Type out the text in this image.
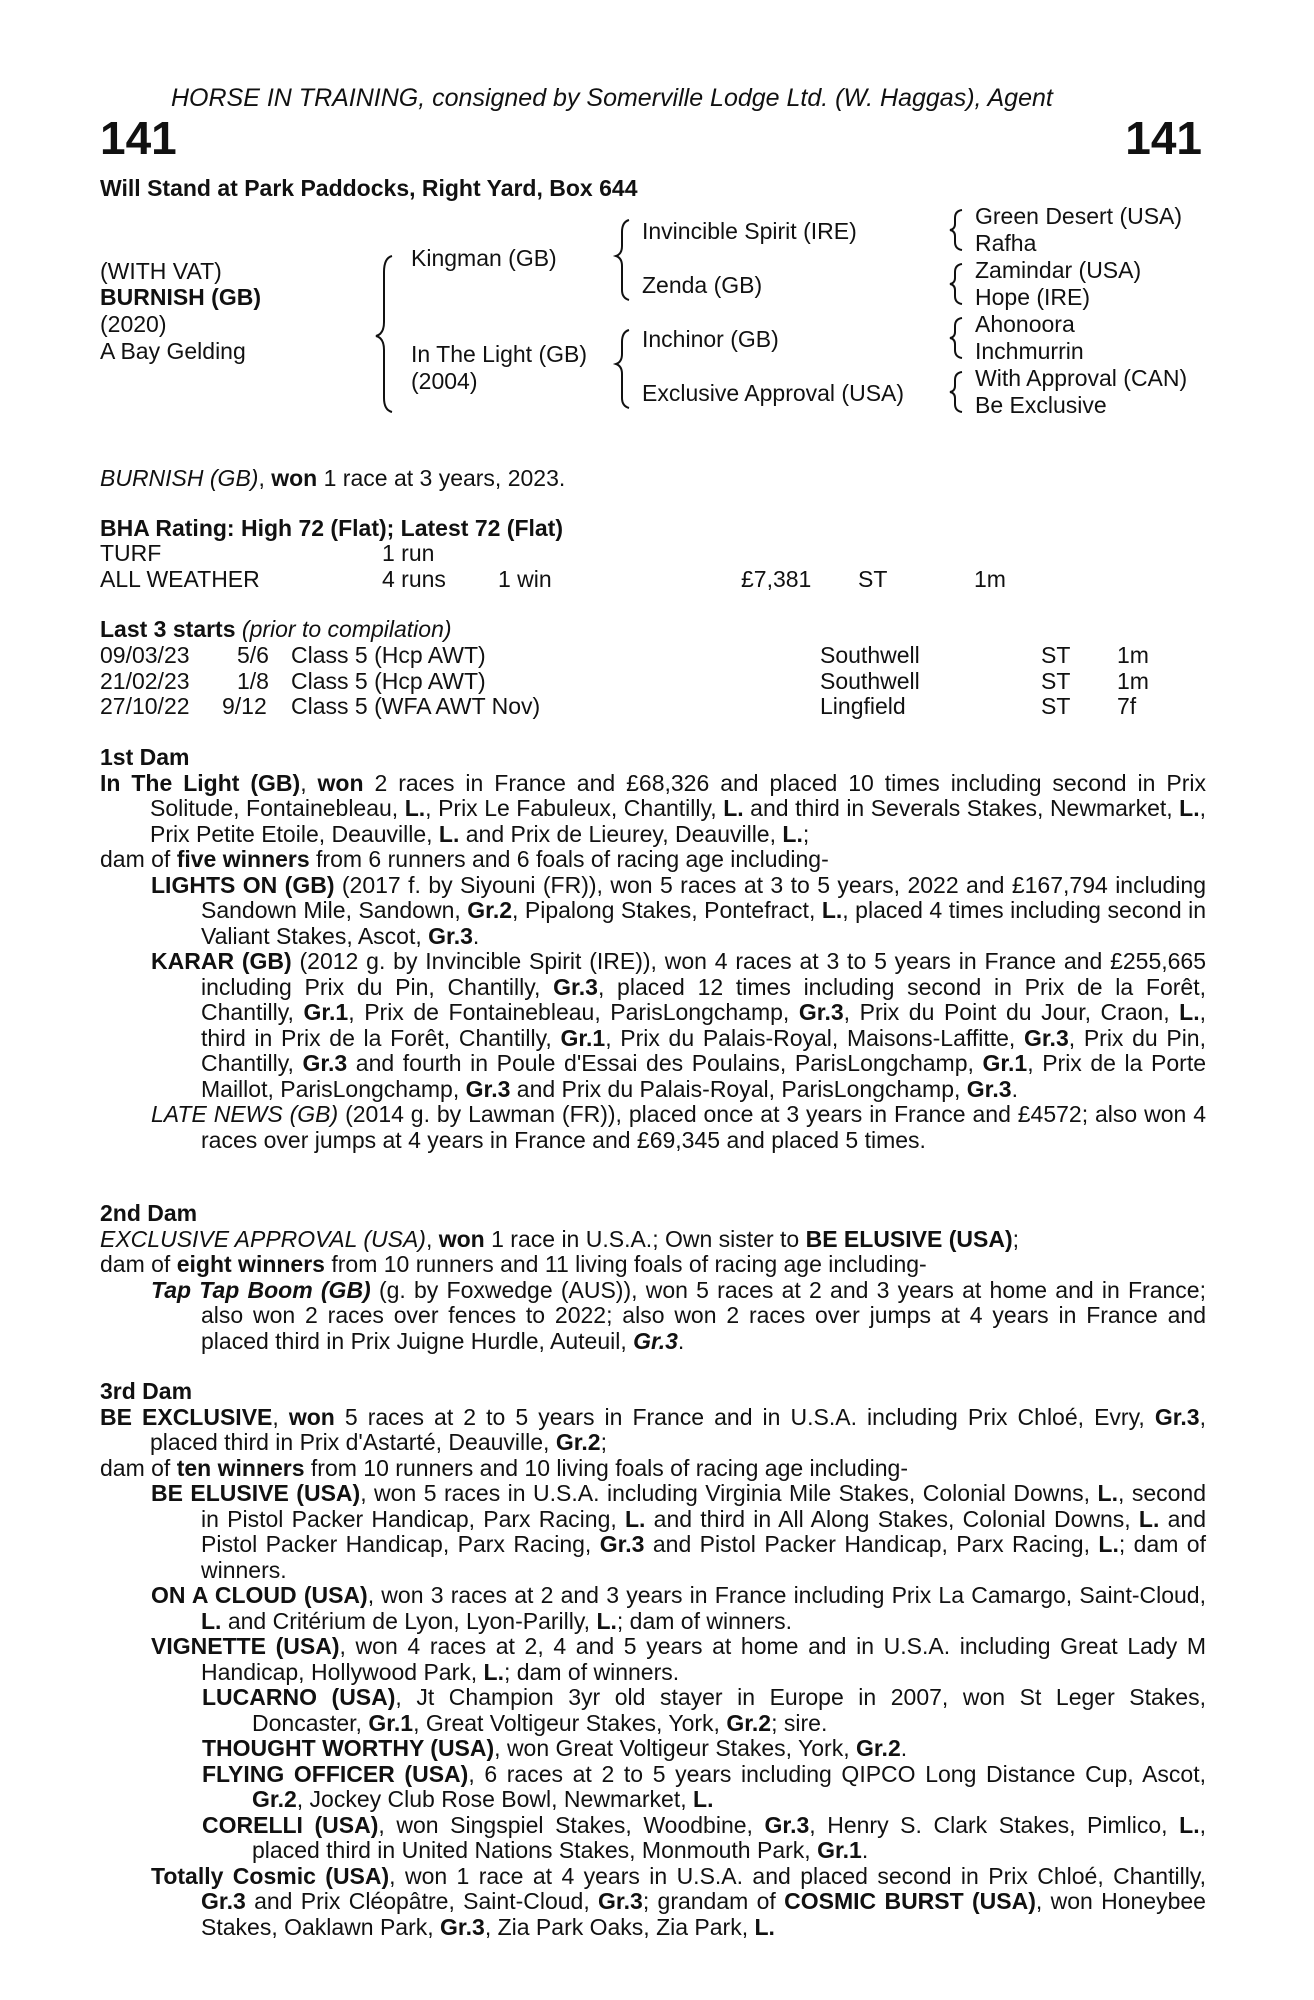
HORSE IN TRAINING, consigned by Somerville Lodge Ltd. (W. Haggas), Agent
141	141
Will Stand at Park Paddocks, Right Yard, Box 644
(WITH VAT)
BURNISH (GB)
(2020)
A Bay Gelding
Kingman (GB)
In The Light (GB)
(2004)
Invincible Spirit (IRE)
Zenda (GB)
Inchinor (GB)
Exclusive Approval (USA)
Green Desert (USA)
Rafha
Zamindar (USA)
Hope (IRE)
Ahonoora
Inchmurrin
With Approval (CAN)
Be Exclusive
BURNISH (GB), won 1 race at 3 years, 2023.
BHA Rating: High 72 (Flat); Latest 72 (Flat)
TURF	1 run
ALL WEATHER	4 runs 1 win	£7,381 ST	1m
Last 3 starts (prior to compilation)
09/03/23 5/6 Class 5 (Hcp AWT)	Southwell	ST 1m
21/02/23 1/8 Class 5 (Hcp AWT)	Southwell	ST 1m
27/10/22 9/12 Class 5 (WFA AWT Nov)	Lingfield	ST 7f

1st Dam

In The Light (GB), won 2 races in France and £68,326 and placed 10 times including second in Prix Solitude, Fontainebleau, L., Prix Le Fabuleux, Chantilly, L. and third in Severals Stakes, Newmarket, L., Prix Petite Etoile, Deauville, L. and Prix de Lieurey, Deauville, L.;

dam of five winners from 6 runners and 6 foals of racing age including-

LIGHTS ON (GB) (2017 f. by Siyouni (FR)), won 5 races at 3 to 5 years, 2022 and £167,794 including Sandown Mile, Sandown, Gr.2, Pipalong Stakes, Pontefract, L., placed 4 times including second in Valiant Stakes, Ascot, Gr.3.

KARAR (GB) (2012 g. by Invincible Spirit (IRE)), won 4 races at 3 to 5 years in France and £255,665 including Prix du Pin, Chantilly, Gr.3, placed 12 times including second in Prix de la Forêt, Chantilly, Gr.1, Prix de Fontainebleau, ParisLongchamp, Gr.3, Prix du Point du Jour, Craon, L., third in Prix de la Forêt, Chantilly, Gr.1, Prix du Palais-Royal, Maisons-Laffitte, Gr.3, Prix du Pin, Chantilly, Gr.3 and fourth in Poule d'Essai des Poulains, ParisLongchamp, Gr.1, Prix de la Porte Maillot, ParisLongchamp, Gr.3 and Prix du Palais-Royal, ParisLongchamp, Gr.3.

LATE NEWS (GB) (2014 g. by Lawman (FR)), placed once at 3 years in France and £4572; also won 4 races over jumps at 4 years in France and £69,345 and placed 5 times.

2nd Dam

EXCLUSIVE APPROVAL (USA), won 1 race in U.S.A.; Own sister to BE ELUSIVE (USA);

dam of eight winners from 10 runners and 11 living foals of racing age including-

Tap Tap Boom (GB) (g. by Foxwedge (AUS)), won 5 races at 2 and 3 years at home and in France; also won 2 races over fences to 2022; also won 2 races over jumps at 4 years in France and placed third in Prix Juigne Hurdle, Auteuil, Gr.3.

3rd Dam

BE EXCLUSIVE, won 5 races at 2 to 5 years in France and in U.S.A. including Prix Chloé, Evry, Gr.3, placed third in Prix d'Astarté, Deauville, Gr.2;

dam of ten winners from 10 runners and 10 living foals of racing age including-

BE ELUSIVE (USA), won 5 races in U.S.A. including Virginia Mile Stakes, Colonial Downs, L., second in Pistol Packer Handicap, Parx Racing, L. and third in All Along Stakes, Colonial Downs, L. and Pistol Packer Handicap, Parx Racing, Gr.3 and Pistol Packer Handicap, Parx Racing, L.; dam of winners.

ON A CLOUD (USA), won 3 races at 2 and 3 years in France including Prix La Camargo, Saint-Cloud, L. and Critérium de Lyon, Lyon-Parilly, L.; dam of winners.

VIGNETTE (USA), won 4 races at 2, 4 and 5 years at home and in U.S.A. including Great Lady M Handicap, Hollywood Park, L.; dam of winners.

LUCARNO (USA), Jt Champion 3yr old stayer in Europe in 2007, won St Leger Stakes, Doncaster, Gr.1, Great Voltigeur Stakes, York, Gr.2; sire.

THOUGHT WORTHY (USA), won Great Voltigeur Stakes, York, Gr.2.

FLYING OFFICER (USA), 6 races at 2 to 5 years including QIPCO Long Distance Cup, Ascot, Gr.2, Jockey Club Rose Bowl, Newmarket, L.

CORELLI (USA), won Singspiel Stakes, Woodbine, Gr.3, Henry S. Clark Stakes, Pimlico, L., placed third in United Nations Stakes, Monmouth Park, Gr.1.

Totally Cosmic (USA), won 1 race at 4 years in U.S.A. and placed second in Prix Chloé, Chantilly, Gr.3 and Prix Cléopâtre, Saint-Cloud, Gr.3; grandam of COSMIC BURST (USA), won Honeybee Stakes, Oaklawn Park, Gr.3, Zia Park Oaks, Zia Park, L.
